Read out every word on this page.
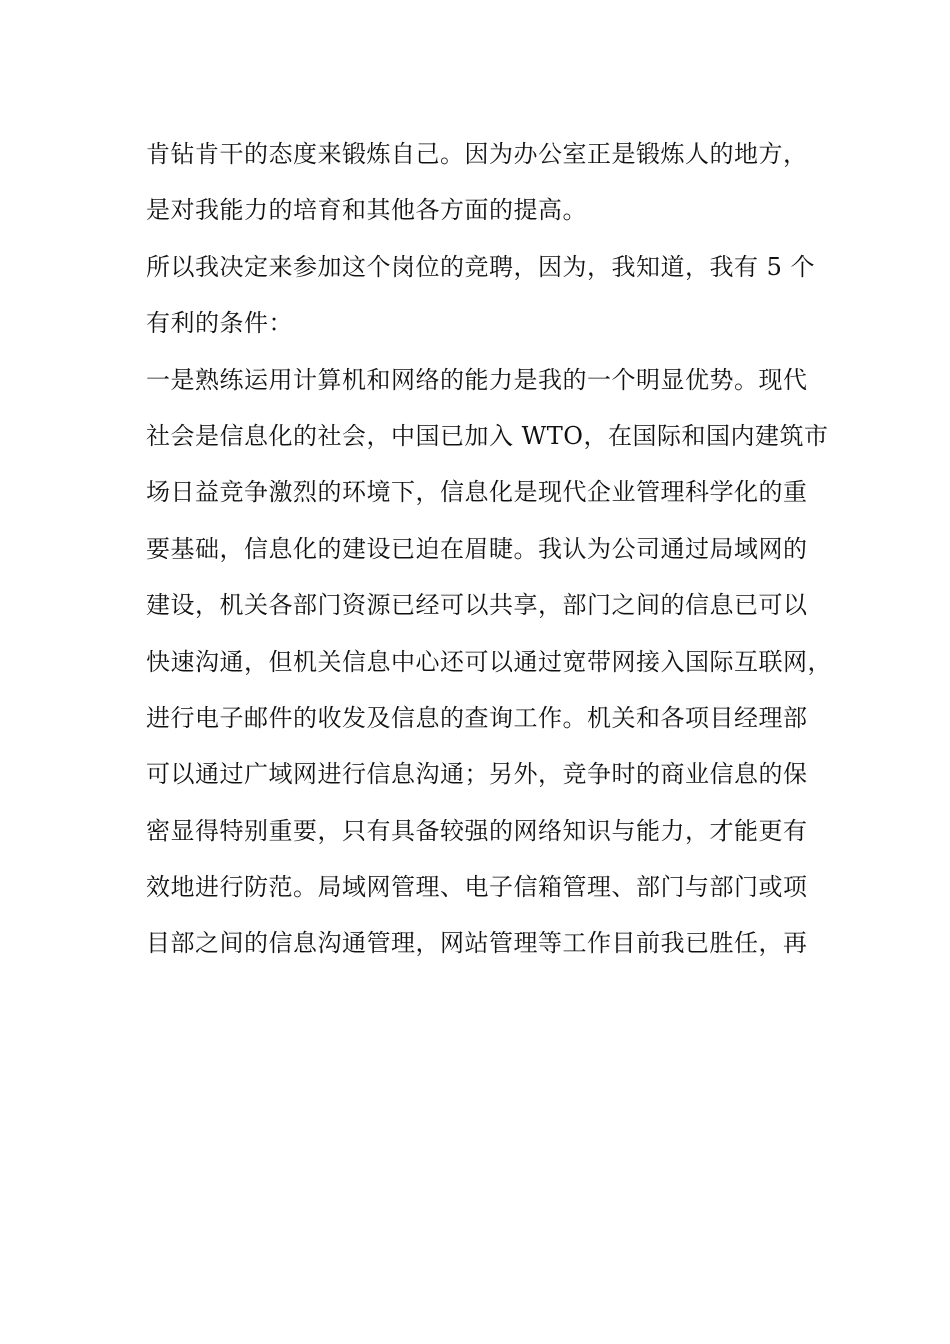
肯钻肯干的态度来锻炼自己。因为办公室正是锻炼人的地方，
是对我能力的培育和其他各方面的提高。
所以我决定来参加这个岗位的竞聘，因为，我知道，我有 5 个
有利的条件：
一是熟练运用计算机和网络的能力是我的一个明显优势。现代
社会是信息化的社会，中国已加入 WTO，在国际和国内建筑市
场日益竞争激烈的环境下，信息化是现代企业管理科学化的重
要基础，信息化的建设已迫在眉睫。我认为公司通过局域网的
建设，机关各部门资源已经可以共享，部门之间的信息已可以
快速沟通，但机关信息中心还可以通过宽带网接入国际互联网，
进行电子邮件的收发及信息的查询工作。机关和各项目经理部
可以通过广域网进行信息沟通；另外，竞争时的商业信息的保
密显得特别重要，只有具备较强的网络知识与能力，才能更有
效地进行防范。局域网管理、电子信箱管理、部门与部门或项
目部之间的信息沟通管理，网站管理等工作目前我已胜任，再
